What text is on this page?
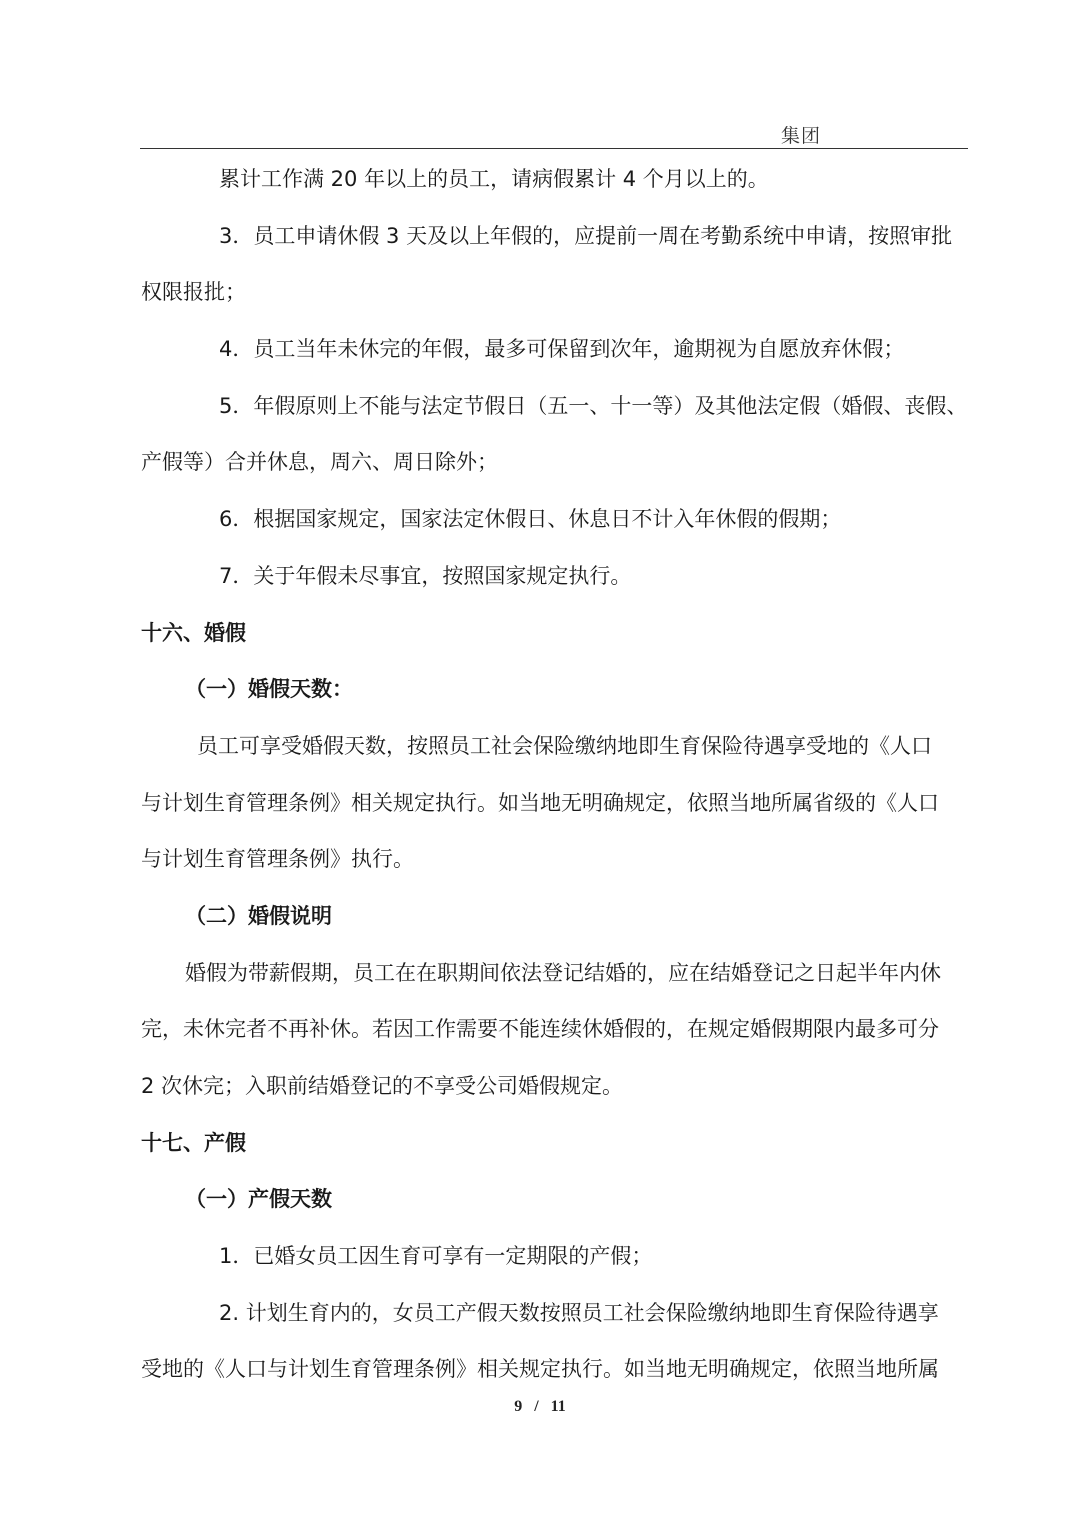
集团
累计工作满 20 年以上的员工，请病假累计 4 个月以上的。
3．员工申请休假 3 天及以上年假的，应提前一周在考勤系统中申请，按照审批
权限报批；
4．员工当年未休完的年假，最多可保留到次年，逾期视为自愿放弃休假；
5．年假原则上不能与法定节假日（五一、十一等）及其他法定假（婚假、丧假、
产假等）合并休息，周六、周日除外；
6．根据国家规定，国家法定休假日、休息日不计入年休假的假期；
7．关于年假未尽事宜，按照国家规定执行。
十六、婚假
（一）婚假天数：
员工可享受婚假天数，按照员工社会保险缴纳地即生育保险待遇享受地的《人口
与计划生育管理条例》相关规定执行。如当地无明确规定，依照当地所属省级的《人口
与计划生育管理条例》执行。
（二）婚假说明
婚假为带薪假期，员工在在职期间依法登记结婚的，应在结婚登记之日起半年内休
完，未休完者不再补休。若因工作需要不能连续休婚假的，在规定婚假期限内最多可分
2 次休完；入职前结婚登记的不享受公司婚假规定。
十七、产假
（一）产假天数
1．已婚女员工因生育可享有一定期限的产假；
2. 计划生育内的，女员工产假天数按照员工社会保险缴纳地即生育保险待遇享
受地的《人口与计划生育管理条例》相关规定执行。如当地无明确规定，依照当地所属
9 / 11
